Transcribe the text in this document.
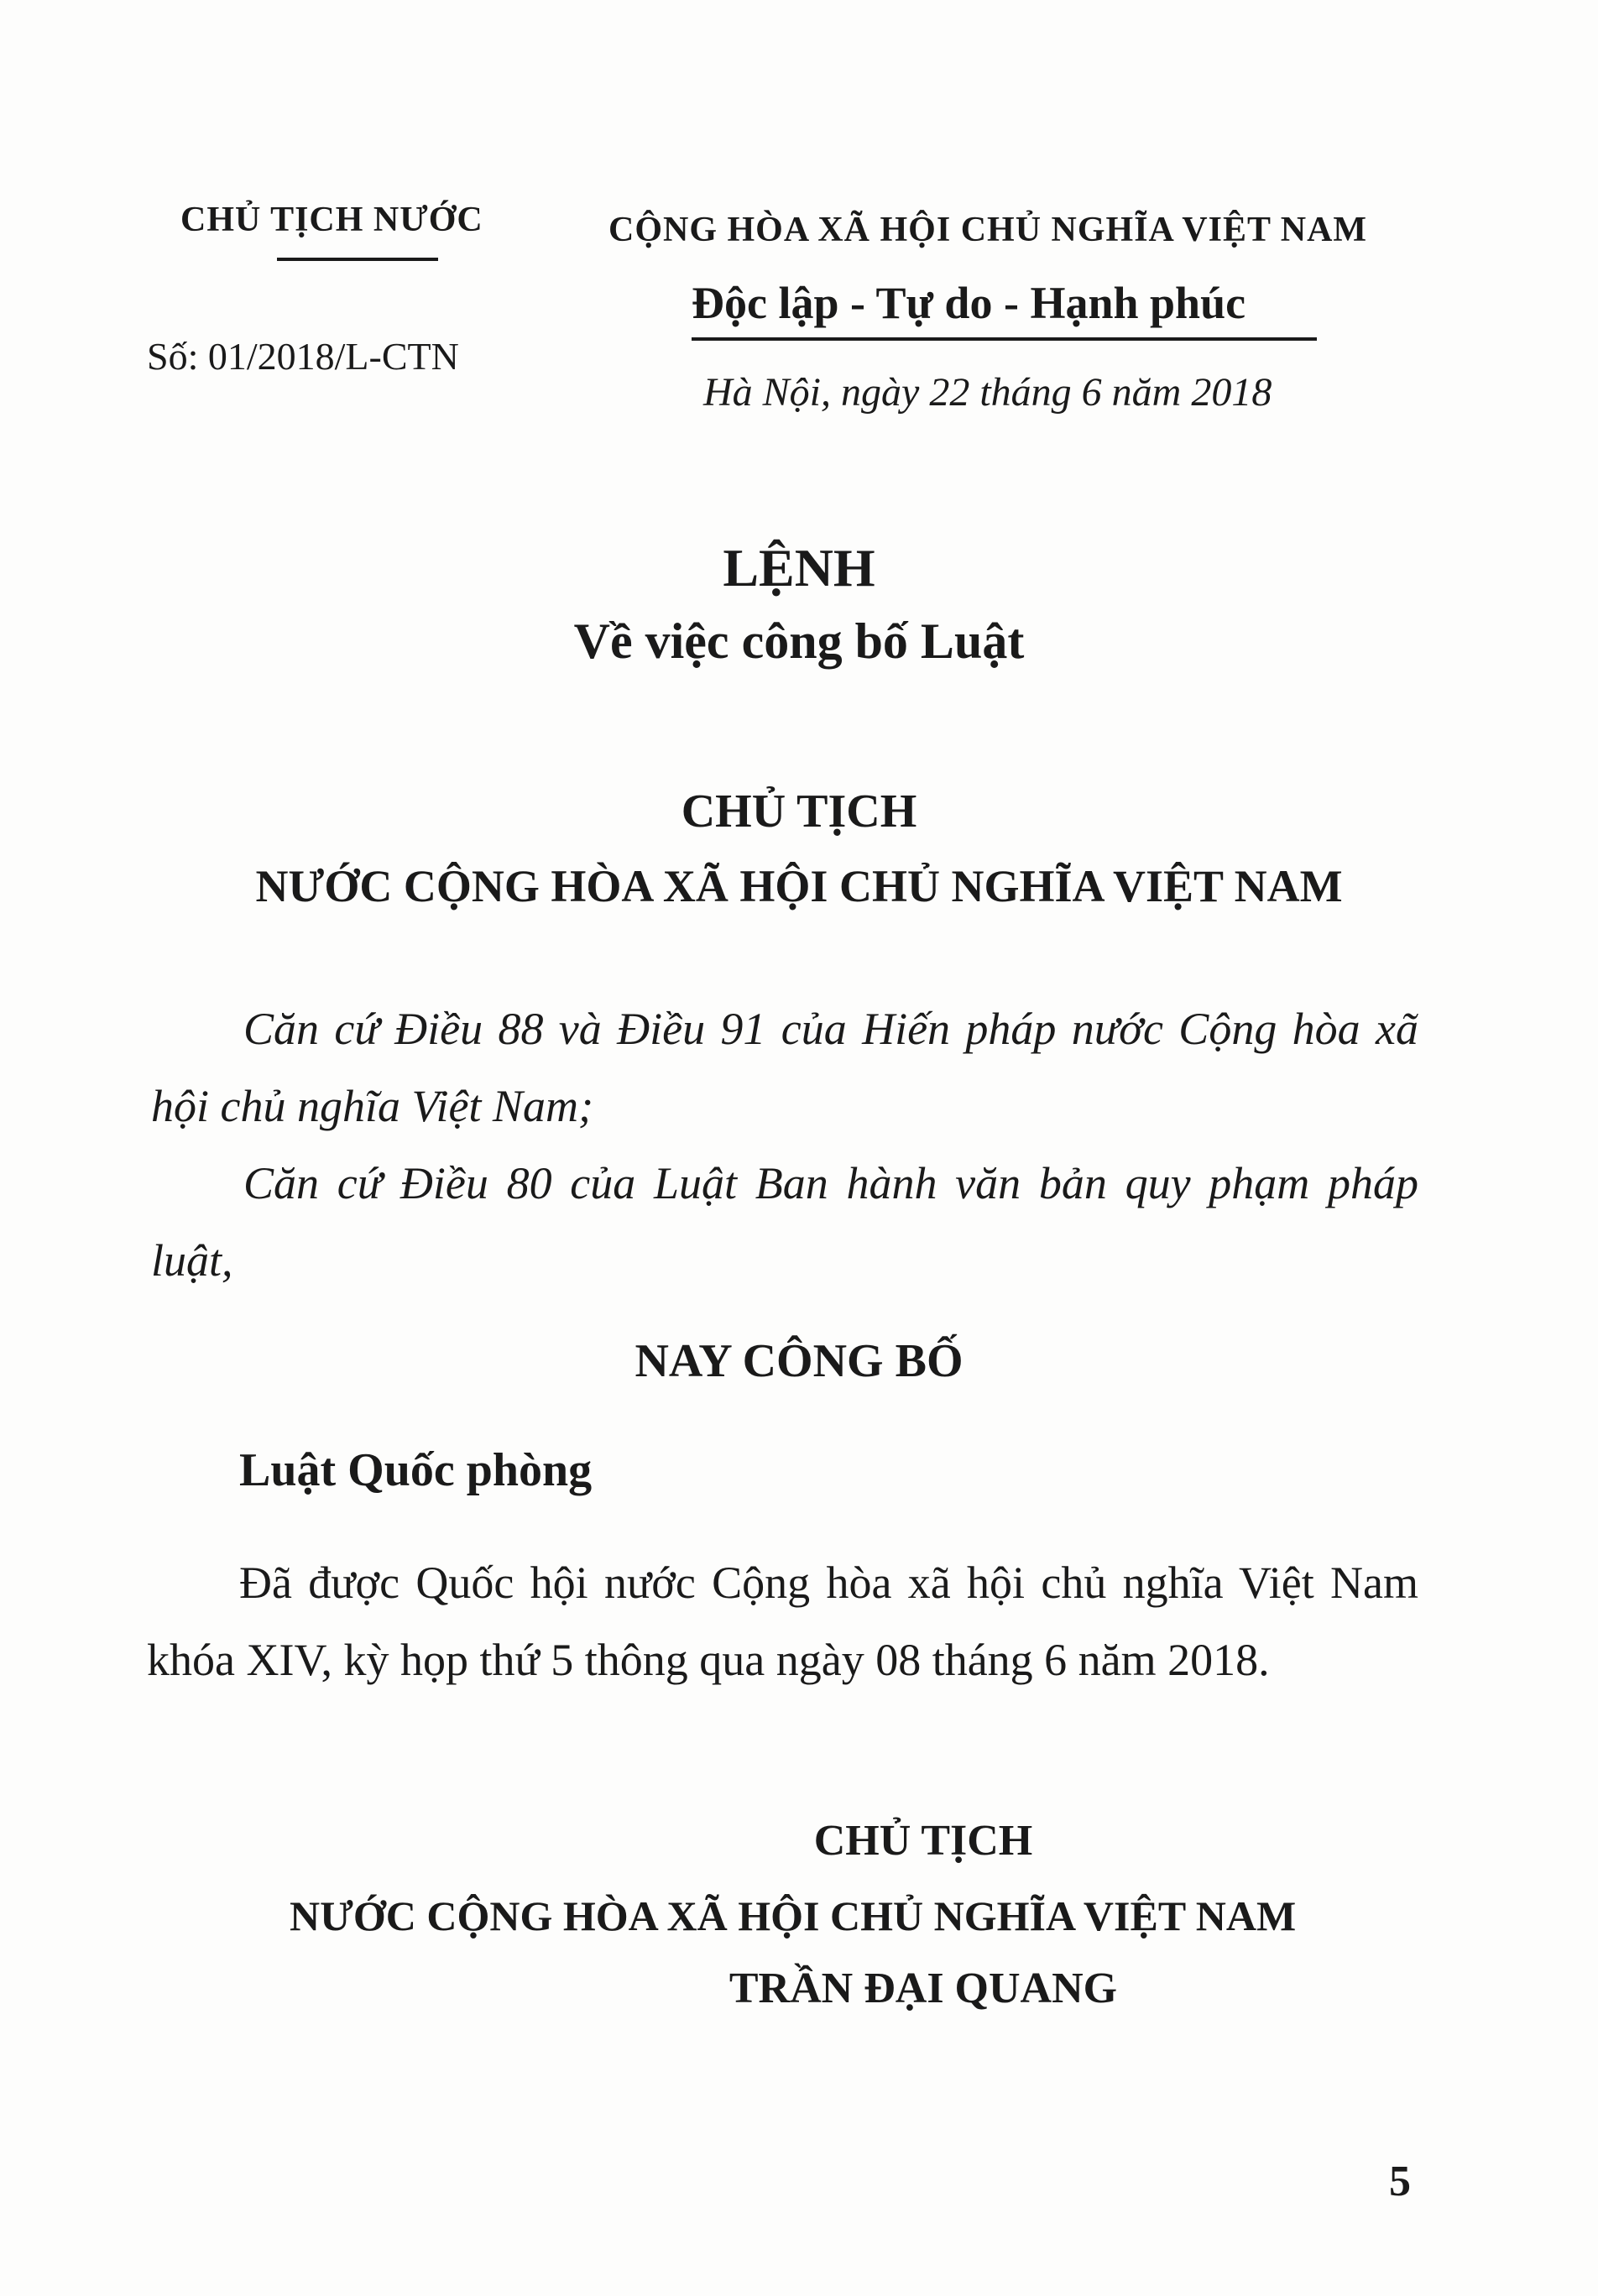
CHỦ TỊCH NƯỚC
Số: 01/2018/L-CTN
CỘNG HÒA XÃ HỘI CHỦ NGHĨA VIỆT NAM
Độc lập - Tự do - Hạnh phúc
Hà Nội, ngày 22 tháng 6 năm 2018
LỆNH
Về việc công bố Luật
CHỦ TỊCH
NƯỚC CỘNG HÒA XÃ HỘI CHỦ NGHĨA VIỆT NAM
Căn cứ Điều 88 và Điều 91 của Hiến pháp nước Cộng hòa xã hội chủ nghĩa Việt Nam;
Căn cứ Điều 80 của Luật Ban hành văn bản quy phạm pháp luật,
NAY CÔNG BỐ
Luật Quốc phòng
Đã được Quốc hội nước Cộng hòa xã hội chủ nghĩa Việt Nam khóa XIV, kỳ họp thứ 5 thông qua ngày 08 tháng 6 năm 2018.
CHỦ TỊCH
NƯỚC CỘNG HÒA XÃ HỘI CHỦ NGHĨA VIỆT NAM
TRẦN ĐẠI QUANG
5
